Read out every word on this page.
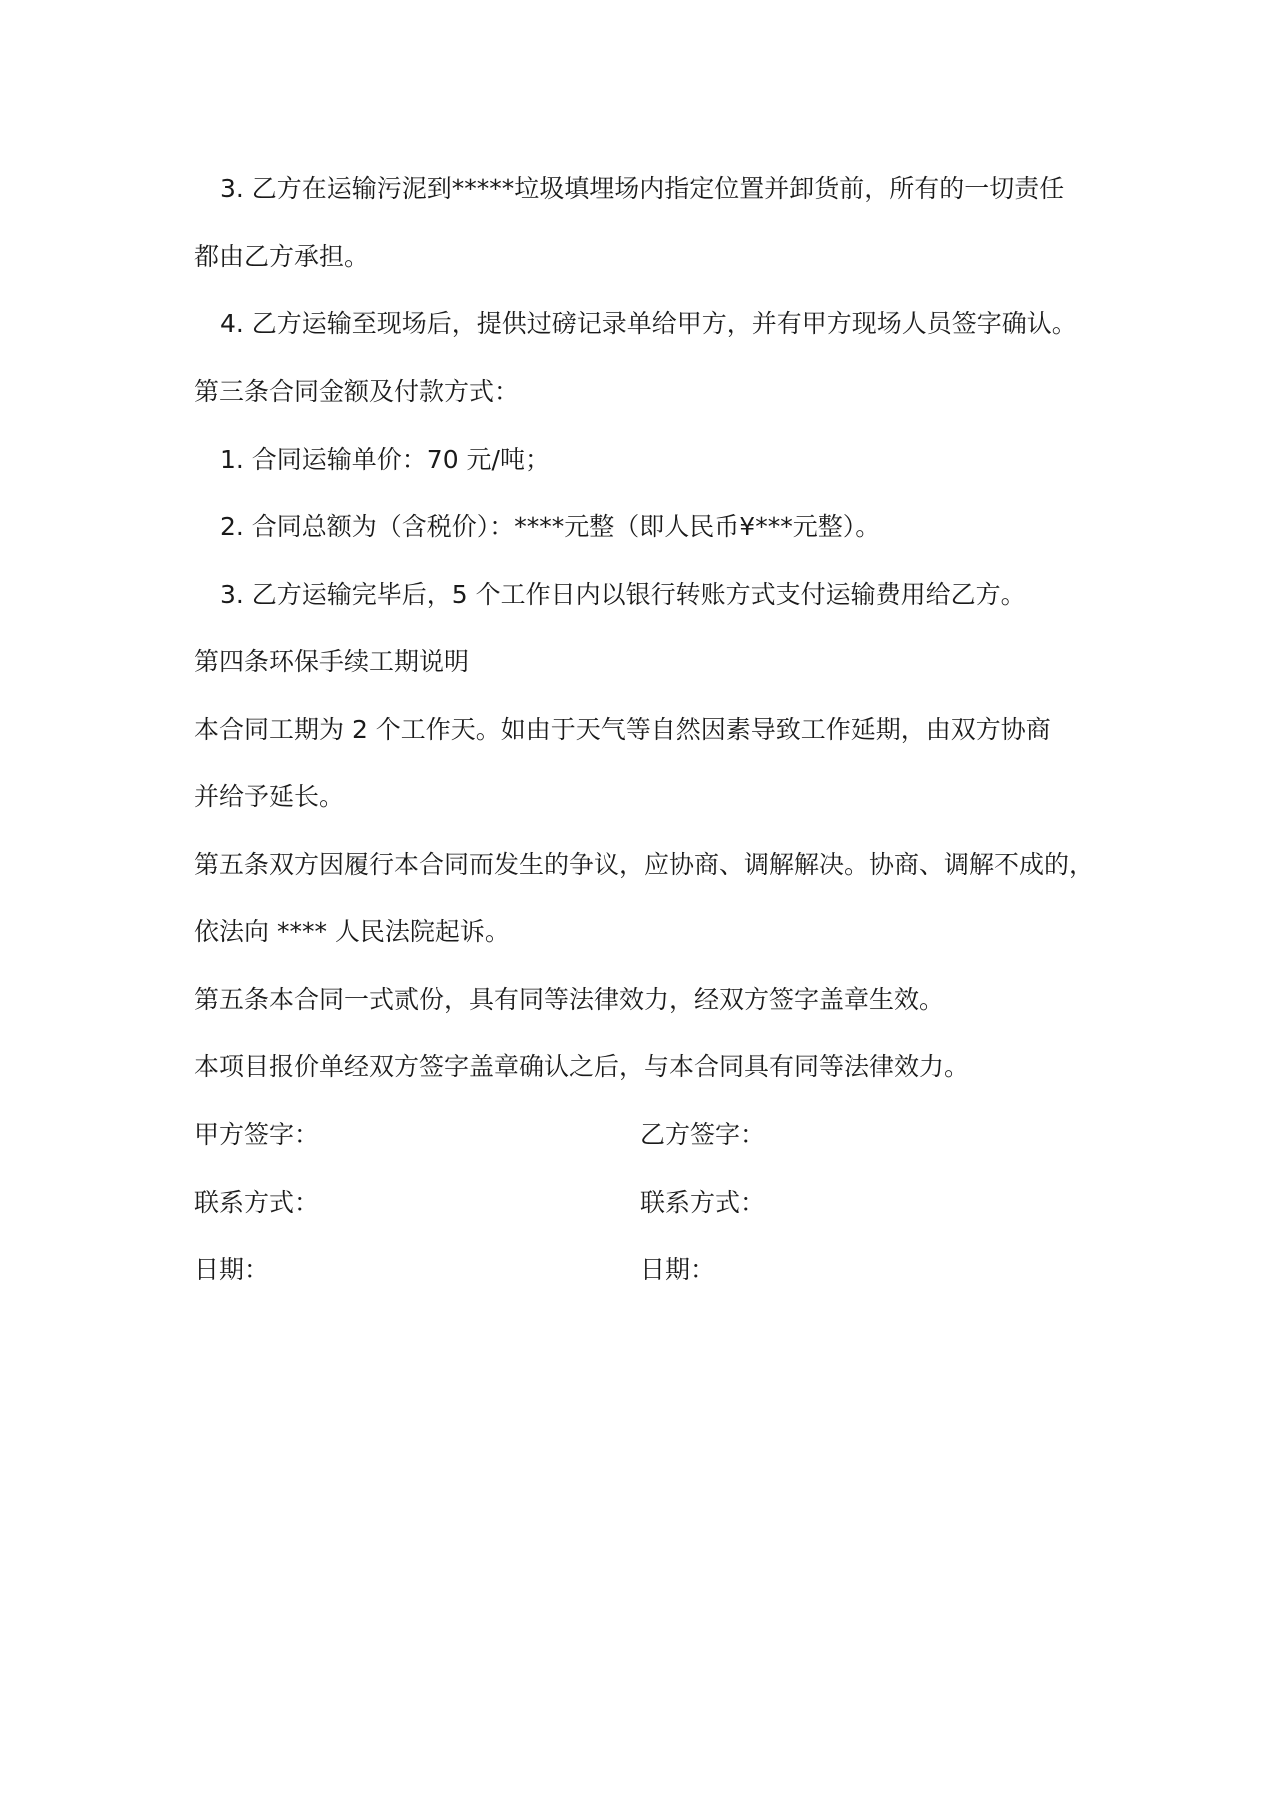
3. 乙方在运输污泥到*****垃圾填埋场内指定位置并卸货前，所有的一切责任
都由乙方承担。
4. 乙方运输至现场后，提供过磅记录单给甲方，并有甲方现场人员签字确认。
第三条合同金额及付款方式：
1. 合同运输单价：70 元/吨；
2. 合同总额为（含税价）：****元整（即人民币¥***元整）。
3. 乙方运输完毕后，5 个工作日内以银行转账方式支付运输费用给乙方。
第四条环保手续工期说明
本合同工期为 2 个工作天。如由于天气等自然因素导致工作延期，由双方协商
并给予延长。
第五条双方因履行本合同而发生的争议，应协商、调解解决。协商、调解不成的，
依法向 **** 人民法院起诉。
第五条本合同一式贰份，具有同等法律效力，经双方签字盖章生效。
本项目报价单经双方签字盖章确认之后，与本合同具有同等法律效力。
甲方签字：	乙方签字：
联系方式：	联系方式：
日期：	日期：
